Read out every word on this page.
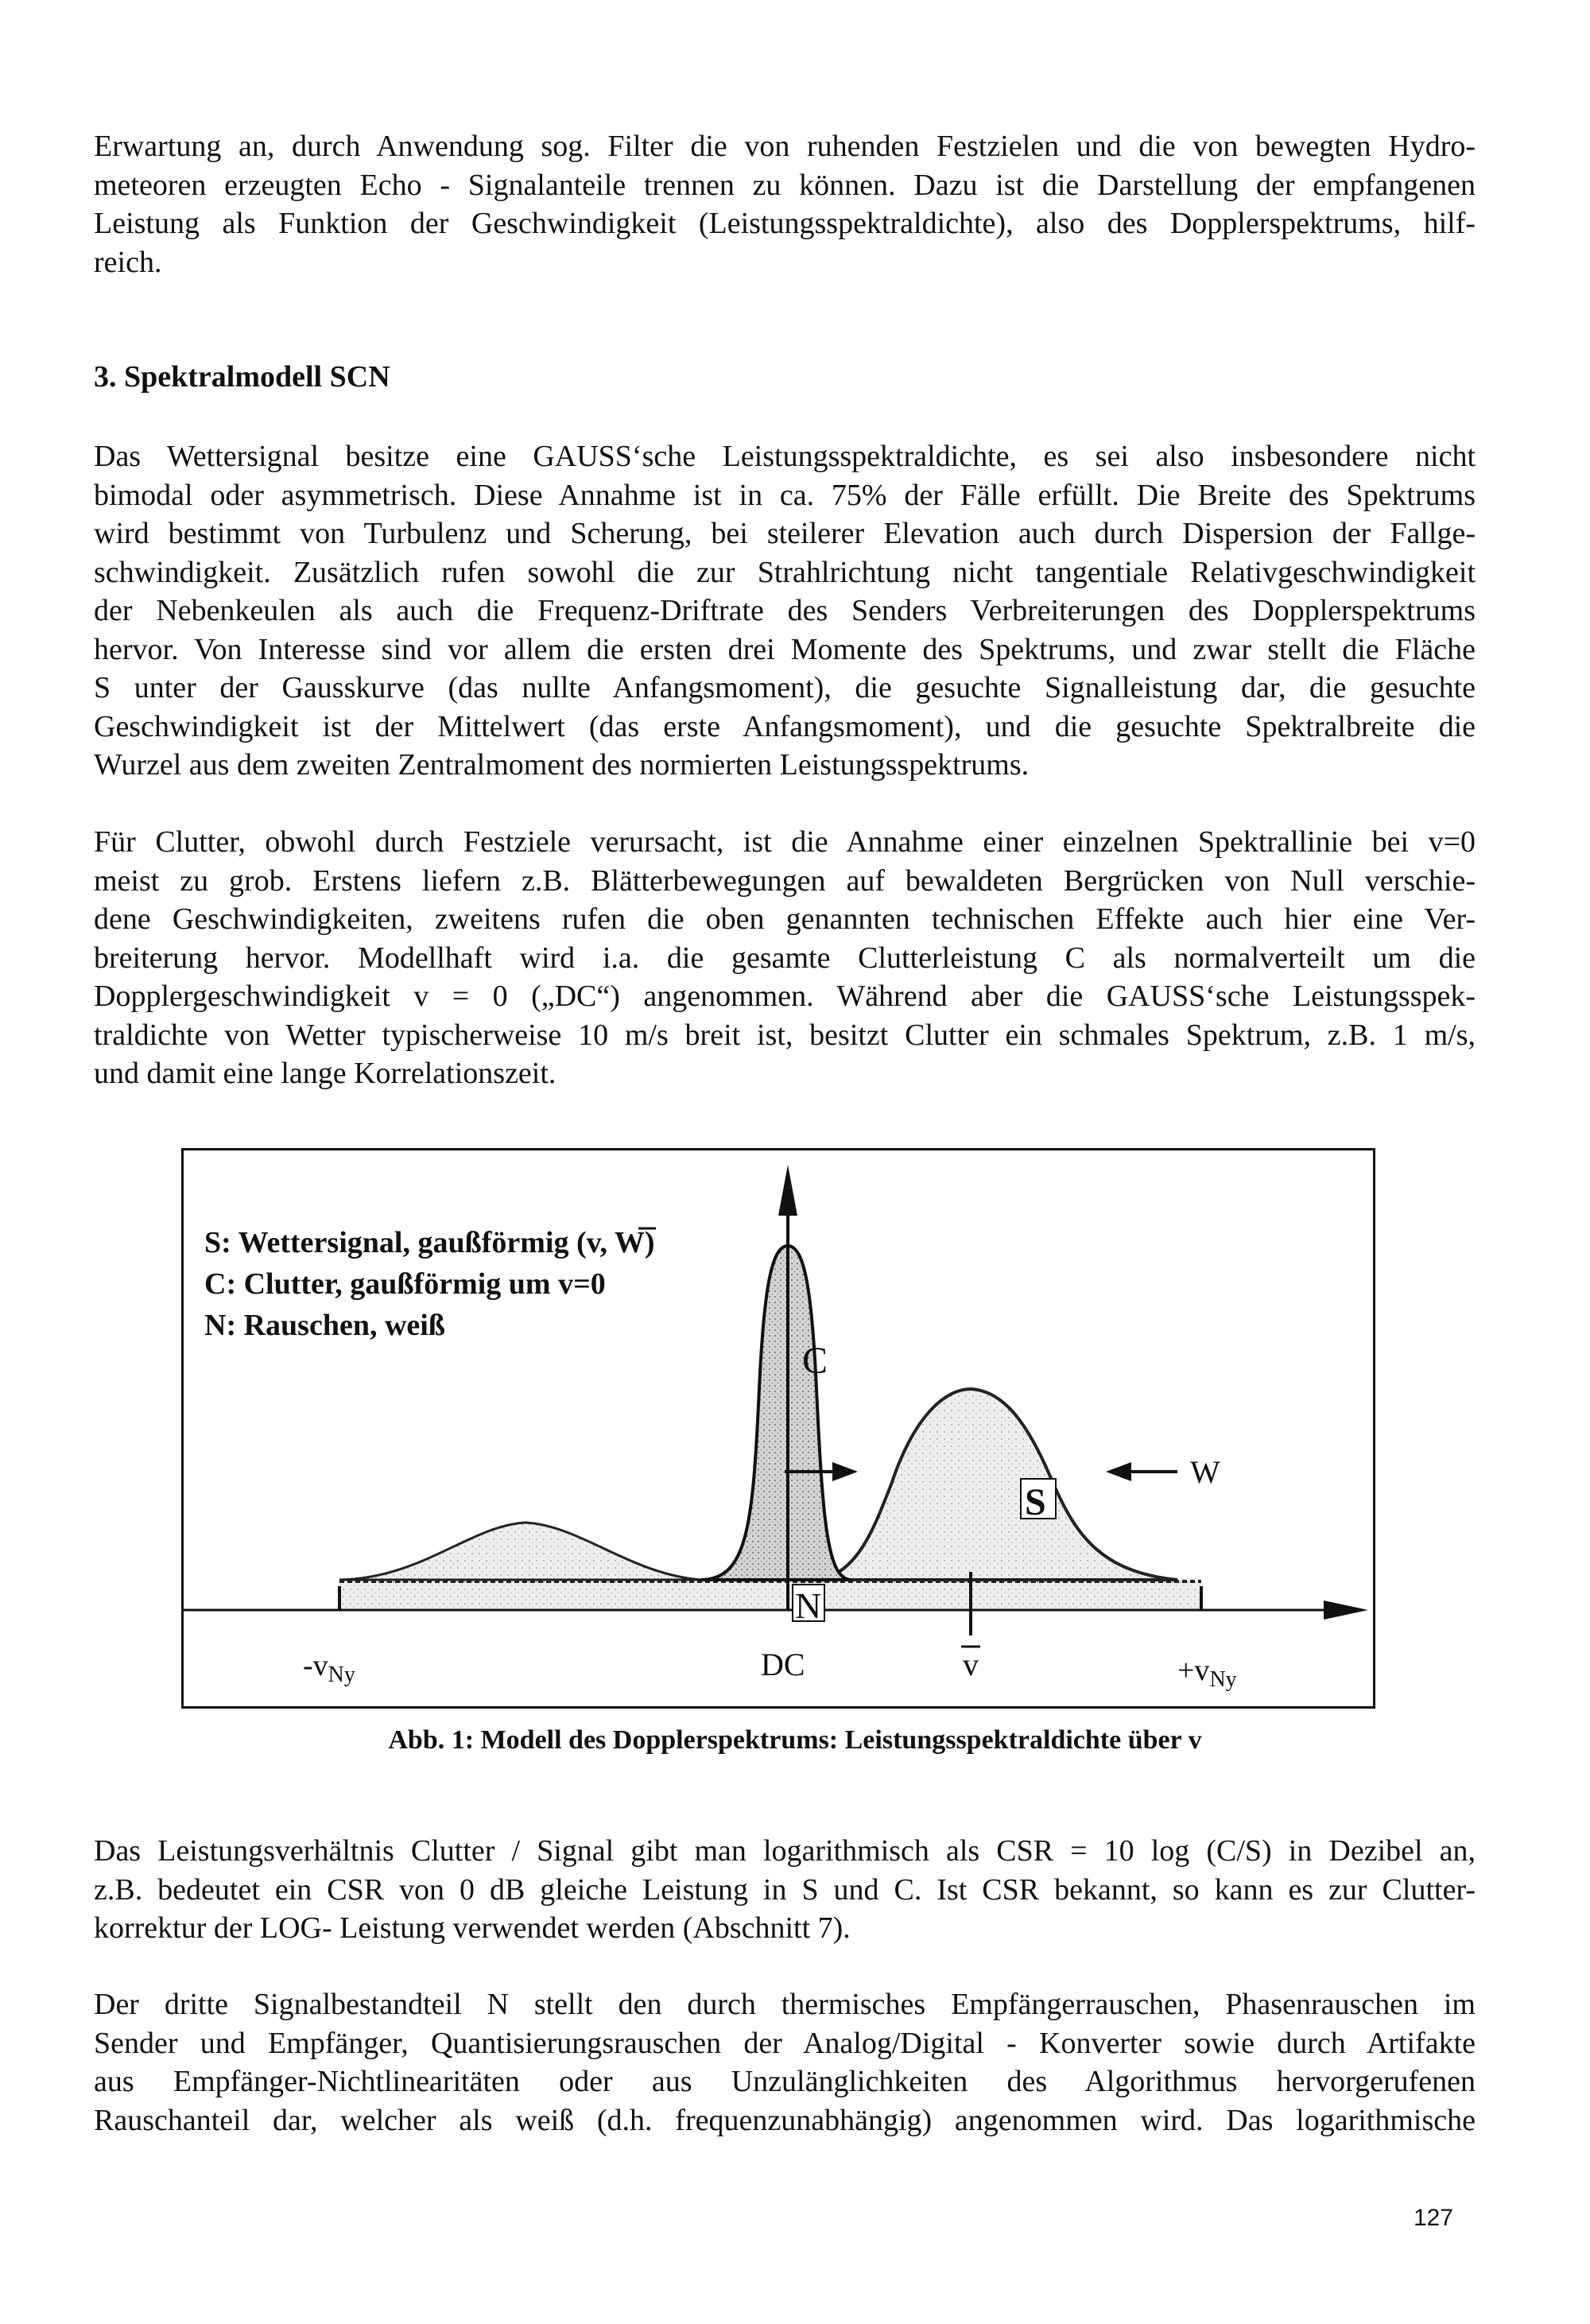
Erwartung an, durch Anwendung sog. Filter die von ruhenden Festzielen und die von bewegten Hydro-
meteoren erzeugten Echo - Signalanteile trennen zu können. Dazu ist die Darstellung der empfangenen
Leistung als Funktion der Geschwindigkeit (Leistungsspektraldichte), also des Dopplerspektrums, hilf-
reich.
3. Spektralmodell SCN
Das Wettersignal besitze eine GAUSS‘sche Leistungsspektraldichte, es sei also insbesondere nicht
bimodal oder asymmetrisch. Diese Annahme ist in ca. 75% der Fälle erfüllt. Die Breite des Spektrums
wird bestimmt von Turbulenz und Scherung, bei steilerer Elevation auch durch Dispersion der Fallge-
schwindigkeit. Zusätzlich rufen sowohl die zur Strahlrichtung nicht tangentiale Relativgeschwindigkeit
der Nebenkeulen als auch die Frequenz-Driftrate des Senders Verbreiterungen des Dopplerspektrums
hervor. Von Interesse sind vor allem die ersten drei Momente des Spektrums, und zwar stellt die Fläche
S unter der Gausskurve (das nullte Anfangsmoment), die gesuchte Signalleistung dar, die gesuchte
Geschwindigkeit ist der Mittelwert (das erste Anfangsmoment), und die gesuchte Spektralbreite die
Wurzel aus dem zweiten Zentralmoment des normierten Leistungsspektrums.
Für Clutter, obwohl durch Festziele verursacht, ist die Annahme einer einzelnen Spektrallinie bei v=0
meist zu grob. Erstens liefern z.B. Blätterbewegungen auf bewaldeten Bergrücken von Null verschie-
dene Geschwindigkeiten, zweitens rufen die oben genannten technischen Effekte auch hier eine Ver-
breiterung hervor. Modellhaft wird i.a. die gesamte Clutterleistung C als normalverteilt um die
Dopplergeschwindigkeit v = 0 („DC“) angenommen. Während aber die GAUSS‘sche Leistungsspek-
traldichte von Wetter typischerweise 10 m/s breit ist, besitzt Clutter ein schmales Spektrum, z.B. 1 m/s,
und damit eine lange Korrelationszeit.
S: Wettersignal, gaußförmig (v, W)
C: Clutter, gaußförmig um v=0
N: Rauschen, weiß
C
S
N
W
$-v_{Ny}$	DC	v	$+v_{Ny}$
Abb. 1: Modell des Dopplerspektrums: Leistungsspektraldichte über v
Das Leistungsverhältnis Clutter / Signal gibt man logarithmisch als CSR = 10 log (C/S) in Dezibel an,
z.B. bedeutet ein CSR von 0 dB gleiche Leistung in S und C. Ist CSR bekannt, so kann es zur Clutter-
korrektur der LOG- Leistung verwendet werden (Abschnitt 7).
Der dritte Signalbestandteil N stellt den durch thermisches Empfängerrauschen, Phasenrauschen im
Sender und Empfänger, Quantisierungsrauschen der Analog/Digital - Konverter sowie durch Artifakte
aus Empfänger-Nichtlinearitäten oder aus Unzulänglichkeiten des Algorithmus hervorgerufenen
Rauschanteil dar, welcher als weiß (d.h. frequenzunabhängig) angenommen wird. Das logarithmische
127
